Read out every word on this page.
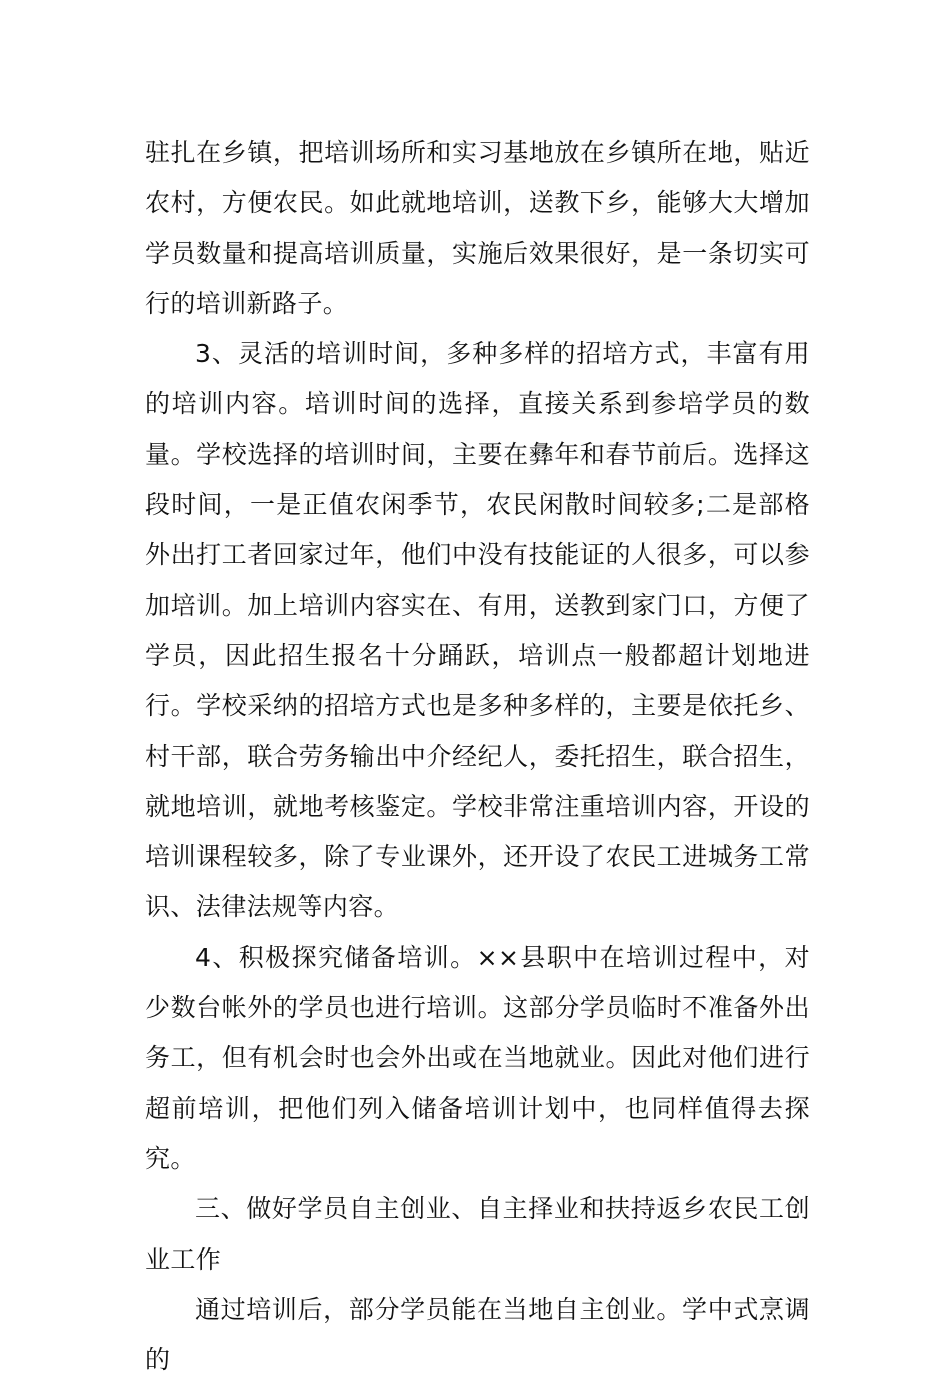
驻扎在乡镇，把培训场所和实习基地放在乡镇所在地，贴近农村，方便农民。如此就地培训，送教下乡，能够大大增加学员数量和提高培训质量，实施后效果很好，是一条切实可行的培训新路子。

3、灵活的培训时间，多种多样的招培方式，丰富有用的培训内容。培训时间的选择，直接关系到参培学员的数量。学校选择的培训时间，主要在彝年和春节前后。选择这段时间，一是正值农闲季节，农民闲散时间较多;二是部格外出打工者回家过年，他们中没有技能证的人很多，可以参加培训。加上培训内容实在、有用，送教到家门口，方便了学员，因此招生报名十分踊跃，培训点一般都超计划地进行。学校采纳的招培方式也是多种多样的，主要是依托乡、村干部，联合劳务输出中介经纪人，委托招生，联合招生，就地培训，就地考核鉴定。学校非常注重培训内容，开设的培训课程较多，除了专业课外，还开设了农民工进城务工常识、法律法规等内容。

4、积极探究储备培训。××县职中在培训过程中，对少数台帐外的学员也进行培训。这部分学员临时不准备外出务工，但有机会时也会外出或在当地就业。因此对他们进行超前培训，把他们列入储备培训计划中，也同样值得去探究。

三、做好学员自主创业、自主择业和扶持返乡农民工创业工作

通过培训后，部分学员能在当地自主创业。学中式烹调的
